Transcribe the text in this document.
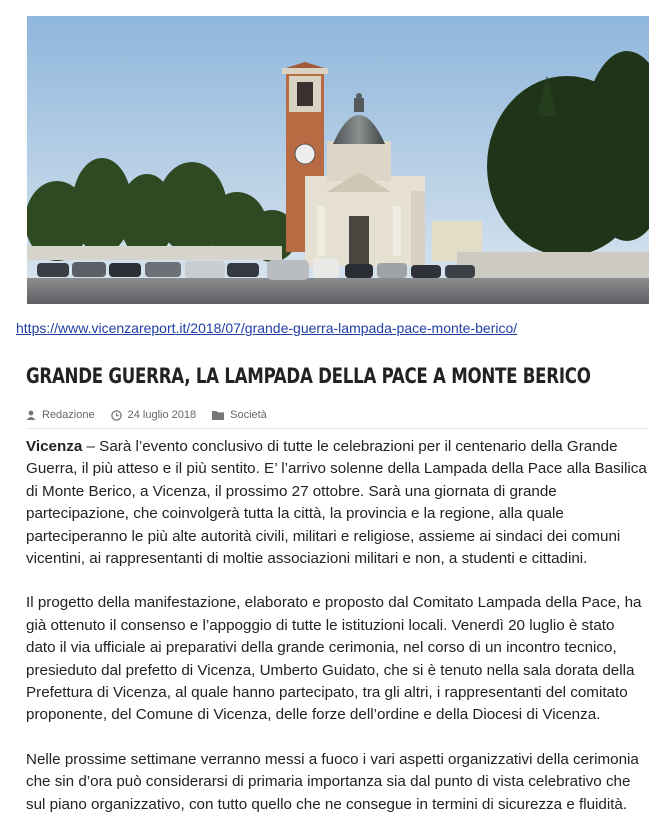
https://www.vicenzareport.it/2018/07/grande-guerra-lampada-pace-monte-berico/
GRANDE GUERRA, LA LAMPADA DELLA PACE A MONTE BERICO
Redazione	24 luglio 2018	Società

Vicenza – Sarà l’evento conclusivo di tutte le celebrazioni per il centenario della Grande Guerra, il più atteso e il più sentito. E’ l’arrivo solenne della Lampada della Pace alla Basilica di Monte Berico, a Vicenza, il prossimo 27 ottobre. Sarà una giornata di grande partecipazione, che coinvolgerà tutta la città, la provincia e la regione, alla quale parteciperanno le più alte autorità civili, militari e religiose, assieme ai sindaci dei comuni vicentini, ai rappresentanti di moltie associazioni militari e non, a studenti e cittadini.

Il progetto della manifestazione, elaborato e proposto dal Comitato Lampada della Pace, ha già ottenuto il consenso e l’appoggio di tutte le istituzioni locali. Venerdì 20 luglio è stato dato il via ufficiale ai preparativi della grande cerimonia, nel corso di un incontro tecnico, presieduto dal prefetto di Vicenza, Umberto Guidato, che si è tenuto nella sala dorata della Prefettura di Vicenza, al quale hanno partecipato, tra gli altri, i rappresentanti del comitato proponente, del Comune di Vicenza, delle forze dell’ordine e della Diocesi di Vicenza.

Nelle prossime settimane verranno messi a fuoco i vari aspetti organizzativi della cerimonia che sin d’ora può considerarsi di primaria importanza sia dal punto di vista celebrativo che sul piano organizzativo, con tutto quello che ne consegue in termini di sicurezza e fluidità.
